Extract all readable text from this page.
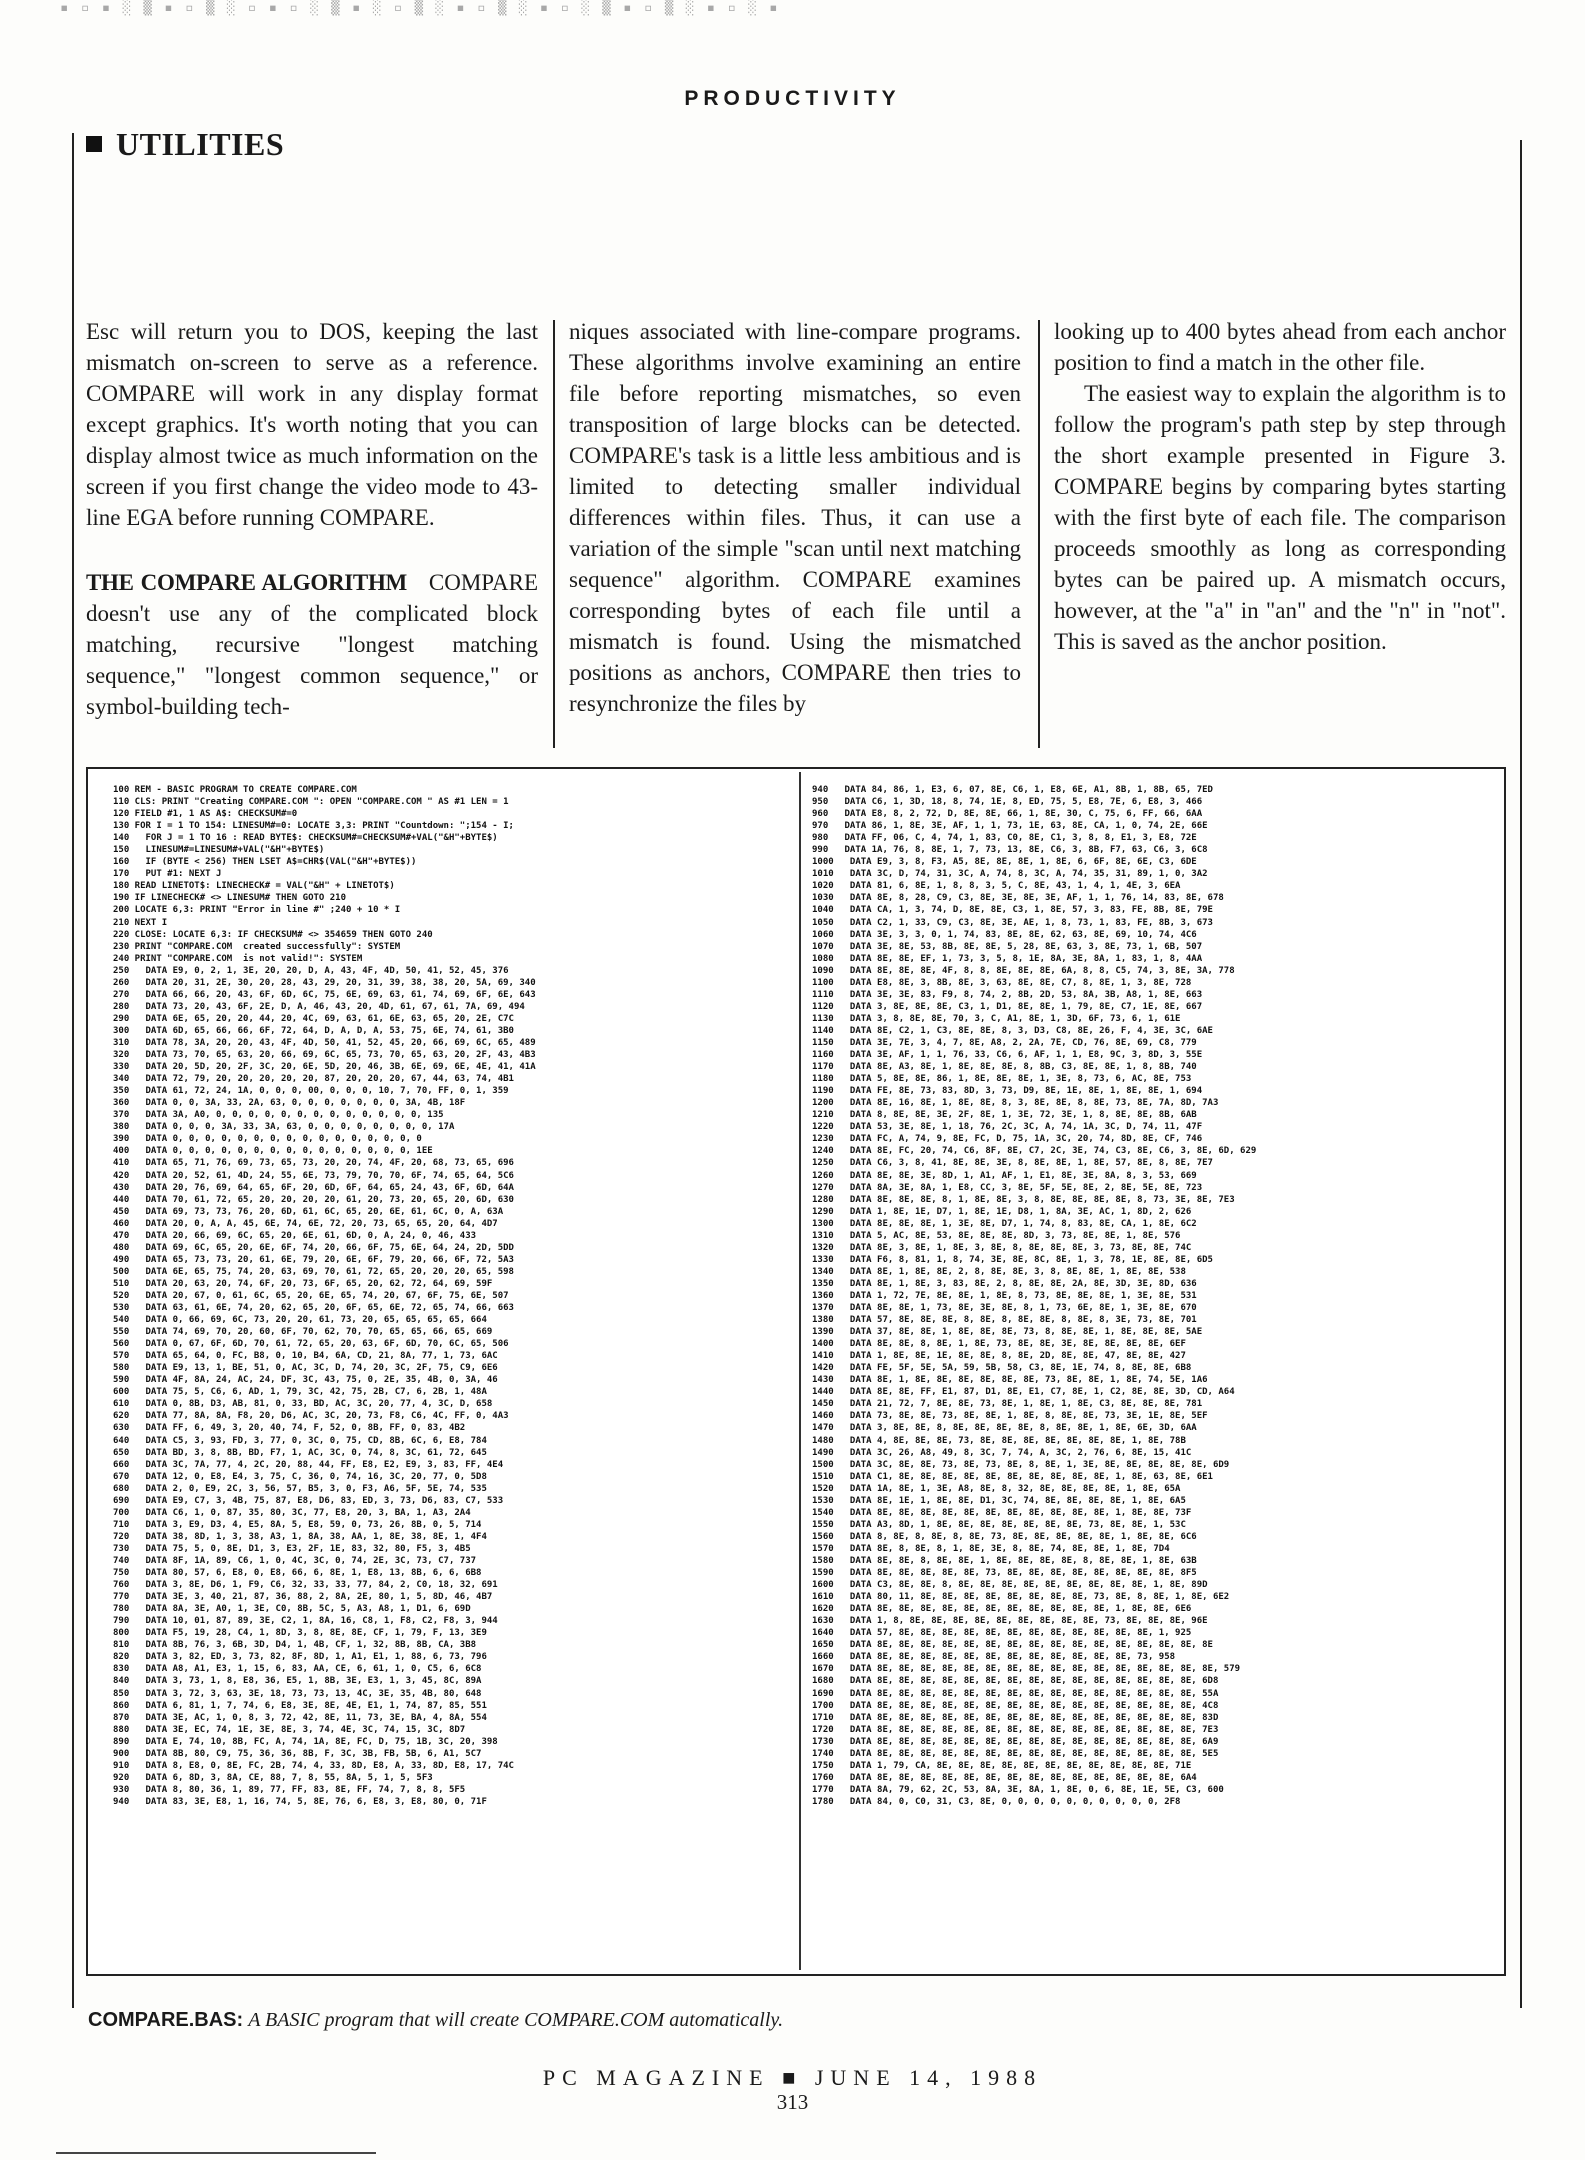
▪ ▫ ▪ ░ ▒ ▪ ▫ ▒ ░ ▫ ▪ ▫ ░ ▒ ▪ ░ ▫ ▒ ░ ▪ ▫ ▒ ░ ▪ ▫ ░ ▒ ▪ ▫ ▒ ░ ▪ ▫ ░ ▪
PRODUCTIVITY
UTILITIES

Esc will return you to DOS, keeping the last mismatch on-screen to serve as a reference. COMPARE will work in any display format except graphics. It's worth noting that you can display almost twice as much information on the screen if you first change the video mode to 43-line EGA before running COMPARE.

THE COMPARE ALGORITHM COMPARE doesn't use any of the complicated block matching, recursive "longest matching sequence," "longest common sequence," or symbol-building tech-

niques associated with line-compare programs. These algorithms involve examining an entire file before reporting mismatches, so even transposition of large blocks can be detected. COMPARE's task is a little less ambitious and is limited to detecting smaller individual differences within files. Thus, it can use a variation of the simple "scan until next matching sequence" algorithm. COMPARE examines corresponding bytes of each file until a mismatch is found. Using the mismatched positions as anchors, COMPARE then tries to resynchronize the files by

looking up to 400 bytes ahead from each anchor position to find a match in the other file.

The easiest way to explain the algorithm is to follow the program's path step by step through the short example presented in Figure 3. COMPARE begins by comparing bytes starting with the first byte of each file. The comparison proceeds smoothly as long as corresponding bytes can be paired up. A mismatch occurs, however, at the "a" in "an" and the "n" in "not". This is saved as the anchor position.

100 REM - BASIC PROGRAM TO CREATE COMPARE.COM
110 CLS: PRINT "Creating COMPARE.COM ": OPEN "COMPARE.COM " AS #1 LEN = 1
120 FIELD #1, 1 AS A$: CHECKSUM#=0
130 FOR I = 1 TO 154: LINESUM#=0: LOCATE 3,3: PRINT "Countdown: ";154 - I;
140   FOR J = 1 TO 16 : READ BYTE$: CHECKSUM#=CHECKSUM#+VAL("&H"+BYTE$)
150   LINESUM#=LINESUM#+VAL("&H"+BYTE$)
160   IF (BYTE < 256) THEN LSET A$=CHR$(VAL("&H"+BYTE$))
170   PUT #1: NEXT J
180 READ LINETOT$: LINECHECK# = VAL("&H" + LINETOT$)
190 IF LINECHECK# <> LINESUM# THEN GOTO 210
200 LOCATE 6,3: PRINT "Error in line #" ;240 + 10 * I
210 NEXT I
220 CLOSE: LOCATE 6,3: IF CHECKSUM# <> 354659 THEN GOTO 240
230 PRINT "COMPARE.COM  created successfully": SYSTEM
240 PRINT "COMPARE.COM  is not valid!": SYSTEM
250   DATA E9, 0, 2, 1, 3E, 20, 20, D, A, 43, 4F, 4D, 50, 41, 52, 45, 376
260   DATA 20, 31, 2E, 30, 20, 28, 43, 29, 20, 31, 39, 38, 38, 20, 5A, 69, 340
270   DATA 66, 66, 20, 43, 6F, 6D, 6C, 75, 6E, 69, 63, 61, 74, 69, 6F, 6E, 643
280   DATA 73, 20, 43, 6F, 2E, D, A, 46, 43, 20, 4D, 61, 67, 61, 7A, 69, 494
290   DATA 6E, 65, 20, 20, 44, 20, 4C, 69, 63, 61, 6E, 63, 65, 20, 2E, C7C
300   DATA 6D, 65, 66, 66, 6F, 72, 64, D, A, D, A, 53, 75, 6E, 74, 61, 3B0
310   DATA 78, 3A, 20, 20, 43, 4F, 4D, 50, 41, 52, 45, 20, 66, 69, 6C, 65, 489
320   DATA 73, 70, 65, 63, 20, 66, 69, 6C, 65, 73, 70, 65, 63, 20, 2F, 43, 4B3
330   DATA 20, 5D, 20, 2F, 3C, 20, 6E, 5D, 20, 46, 3B, 6E, 69, 6E, 4E, 41, 41A
340   DATA 72, 79, 20, 20, 20, 20, 20, 87, 20, 20, 20, 67, 44, 63, 74, 4B1
350   DATA 61, 72, 24, 1A, 0, 0, 0, 00, 0, 0, 0, 10, 7, 70, FF, 0, 1, 359
360   DATA 0, 0, 3A, 33, 2A, 63, 0, 0, 0, 0, 0, 0, 0, 3A, 4B, 18F
370   DATA 3A, A0, 0, 0, 0, 0, 0, 0, 0, 0, 0, 0, 0, 0, 0, 135
380   DATA 0, 0, 0, 3A, 33, 3A, 63, 0, 0, 0, 0, 0, 0, 0, 0, 17A
390   DATA 0, 0, 0, 0, 0, 0, 0, 0, 0, 0, 0, 0, 0, 0, 0, 0
400   DATA 0, 0, 0, 0, 0, 0, 0, 0, 0, 0, 0, 0, 0, 0, 0, 1EE
410   DATA 65, 71, 76, 69, 73, 65, 73, 20, 20, 74, 4F, 20, 68, 73, 65, 696
420   DATA 20, 52, 61, 4D, 24, 55, 6E, 73, 79, 70, 70, 6F, 74, 65, 64, 5C6
430   DATA 20, 76, 69, 64, 65, 6F, 20, 6D, 6F, 64, 65, 24, 43, 6F, 6D, 64A
440   DATA 70, 61, 72, 65, 20, 20, 20, 20, 61, 20, 73, 20, 65, 20, 6D, 630
450   DATA 69, 73, 73, 76, 20, 6D, 61, 6C, 65, 20, 6E, 61, 6C, 0, A, 63A
460   DATA 20, 0, A, A, 45, 6E, 74, 6E, 72, 20, 73, 65, 65, 20, 64, 4D7
470   DATA 20, 66, 69, 6C, 65, 20, 6E, 61, 6D, 0, A, 24, 0, 46, 433
480   DATA 69, 6C, 65, 20, 6E, 6F, 74, 20, 66, 6F, 75, 6E, 64, 24, 2D, 5DD
490   DATA 65, 73, 73, 20, 61, 6E, 79, 20, 6E, 6F, 79, 20, 66, 6F, 72, 5A3
500   DATA 6E, 65, 75, 74, 20, 63, 69, 70, 61, 72, 65, 20, 20, 20, 65, 598
510   DATA 20, 63, 20, 74, 6F, 20, 73, 6F, 65, 20, 62, 72, 64, 69, 59F
520   DATA 20, 67, 0, 61, 6C, 65, 20, 6E, 65, 74, 20, 67, 6F, 75, 6E, 507
530   DATA 63, 61, 6E, 74, 20, 62, 65, 20, 6F, 65, 6E, 72, 65, 74, 66, 663
540   DATA 0, 66, 69, 6C, 73, 20, 20, 61, 73, 20, 65, 65, 65, 65, 664
550   DATA 74, 69, 70, 20, 60, 6F, 70, 62, 70, 70, 65, 65, 66, 65, 669
560   DATA 0, 67, 6F, 6D, 70, 61, 72, 65, 20, 63, 6F, 6D, 70, 6C, 65, 506
570   DATA 65, 64, 0, FC, B8, 0, 10, B4, 6A, CD, 21, 8A, 77, 1, 73, 6AC
580   DATA E9, 13, 1, BE, 51, 0, AC, 3C, D, 74, 20, 3C, 2F, 75, C9, 6E6
590   DATA 4F, 8A, 24, AC, 24, DF, 3C, 43, 75, 0, 2E, 35, 4B, 0, 3A, 46
600   DATA 75, 5, C6, 6, AD, 1, 79, 3C, 42, 75, 2B, C7, 6, 2B, 1, 48A
610   DATA 0, 8B, D3, AB, 81, 0, 33, BD, AC, 3C, 20, 77, 4, 3C, D, 658
620   DATA 77, 8A, 8A, F8, 20, D6, AC, 3C, 20, 73, F8, C6, 4C, FF, 0, 4A3
630   DATA FF, 6, 49, 3, 20, 40, 74, F, 52, 0, 8B, FF, 0, 83, 4B2
640   DATA C5, 3, 93, FD, 3, 77, 0, 3C, 0, 75, CD, 8B, 6C, 6, E8, 784
650   DATA BD, 3, 8, 8B, BD, F7, 1, AC, 3C, 0, 74, 8, 3C, 61, 72, 645
660   DATA 3C, 7A, 77, 4, 2C, 20, 88, 44, FF, E8, E2, E9, 3, 83, FF, 4E4
670   DATA 12, 0, E8, E4, 3, 75, C, 36, 0, 74, 16, 3C, 20, 77, 0, 5D8
680   DATA 2, 0, E9, 2C, 3, 56, 57, B5, 3, 0, F3, A6, 5F, 5E, 74, 535
690   DATA E9, C7, 3, 4B, 75, 87, E8, D6, 83, ED, 3, 73, D6, 83, C7, 533
700   DATA C6, 1, 0, 87, 35, 80, 3C, 77, E8, 20, 3, BA, 1, A3, 2A4
710   DATA 3, E9, D3, 4, E5, 8A, 5, E8, 59, 0, 73, 26, 8B, 0, 5, 714
720   DATA 38, 8D, 1, 3, 38, A3, 1, 8A, 38, AA, 1, 8E, 38, 8E, 1, 4F4
730   DATA 75, 5, 0, 8E, D1, 3, E3, 2F, 1E, 83, 32, 80, F5, 3, 4B5
740   DATA 8F, 1A, 89, C6, 1, 0, 4C, 3C, 0, 74, 2E, 3C, 73, C7, 737
750   DATA 80, 57, 6, E8, 0, E8, 66, 6, 8E, 1, E8, 13, 8B, 6, 6, 6B8
760   DATA 3, 8E, D6, 1, F9, C6, 32, 33, 33, 77, 84, 2, C0, 18, 32, 691
770   DATA 3E, 3, 40, 21, 87, 36, 88, 2, 8A, 2E, 80, 1, 5, 8D, 46, 4B7
780   DATA 8A, 3E, A0, 1, 3E, C0, 8B, 5C, 5, A3, A8, 1, D1, 6, 69D
790   DATA 10, 01, 87, 89, 3E, C2, 1, 8A, 16, C8, 1, F8, C2, F8, 3, 944
800   DATA F5, 19, 28, C4, 1, 8D, 3, 8, 8E, 8E, CF, 1, 79, F, 13, 3E9
810   DATA 8B, 76, 3, 6B, 3D, D4, 1, 4B, CF, 1, 32, 8B, 8B, CA, 3B8
820   DATA 3, 82, ED, 3, 73, 82, 8F, 8D, 1, A1, E1, 1, 88, 6, 73, 796
830   DATA A8, A1, E3, 1, 15, 6, 83, AA, CE, 6, 61, 1, 0, C5, 6, 6C8
840   DATA 3, 73, 1, 8, E8, 36, E5, 1, 8B, 3E, E3, 1, 3, 45, 8C, 89A
850   DATA 3, 72, 3, 63, 3E, 18, 73, 73, 13, 4C, 3E, 35, 4B, 80, 648
860   DATA 6, 81, 1, 7, 74, 6, E8, 3E, 8E, 4E, E1, 1, 74, 87, 85, 551
870   DATA 3E, AC, 1, 0, 8, 3, 72, 42, 8E, 11, 73, 3E, BA, 4, 8A, 554
880   DATA 3E, EC, 74, 1E, 3E, 8E, 3, 74, 4E, 3C, 74, 15, 3C, 8D7
890   DATA E, 74, 10, 8B, FC, A, 74, 1A, 8E, FC, D, 75, 1B, 3C, 20, 398
900   DATA 8B, 80, C9, 75, 36, 36, 8B, F, 3C, 3B, FB, 5B, 6, A1, 5C7
910   DATA 8, E8, 0, 8E, FC, 2B, 74, 4, 33, 8D, E8, A, 33, 8D, E8, 17, 74C
920   DATA 6, 8D, 3, 8A, CE, 88, 7, 8, 55, 8A, 5, 1, 5, 5F3
930   DATA 8, 80, 36, 1, 89, 77, FF, 83, 8E, FF, 74, 7, 8, 8, 5F5
940   DATA 83, 3E, E8, 1, 16, 74, 5, 8E, 76, 6, E8, 3, E8, 80, 0, 71F
940   DATA 84, 86, 1, E3, 6, 07, 8E, C6, 1, E8, 6E, A1, 8B, 1, 8B, 65, 7ED
950   DATA C6, 1, 3D, 18, 8, 74, 1E, 8, ED, 75, 5, E8, 7E, 6, E8, 3, 466
960   DATA E8, 8, 2, 72, D, 8E, 8E, 66, 1, 8E, 30, C, 75, 6, FF, 66, 6AA
970   DATA 86, 1, 8E, 3E, AF, 1, 1, 73, 1E, 63, 8E, CA, 1, 0, 74, 2E, 66E
980   DATA FF, 06, C, 4, 74, 1, 83, C0, 8E, C1, 3, 8, 8, E1, 3, E8, 72E
990   DATA 1A, 76, 8, 8E, 1, 7, 73, 13, 8E, C6, 3, 8B, F7, 63, C6, 3, 6C8
1000   DATA E9, 3, 8, F3, A5, 8E, 8E, 8E, 1, 8E, 6, 6F, 8E, 6E, C3, 6DE
1010   DATA 3C, D, 74, 31, 3C, A, 74, 8, 3C, A, 74, 35, 31, 89, 1, 0, 3A2
1020   DATA 81, 6, 8E, 1, 8, 8, 3, 5, C, 8E, 43, 1, 4, 1, 4E, 3, 6EA
1030   DATA 8E, 8, 28, C9, C3, 8E, 3E, 8E, 3E, AF, 1, 1, 76, 14, 83, 8E, 678
1040   DATA CA, 1, 3, 74, D, 8E, 8E, C3, 1, 8E, 57, 3, 83, FE, 8B, 8E, 79E
1050   DATA C2, 1, 33, C9, C3, 8E, 3E, AE, 1, 8, 73, 1, 83, FE, 8B, 3, 673
1060   DATA 3E, 3, 3, 0, 1, 74, 83, 8E, 8E, 62, 63, 8E, 69, 10, 74, 4C6
1070   DATA 3E, 8E, 53, 8B, 8E, 8E, 5, 28, 8E, 63, 3, 8E, 73, 1, 6B, 507
1080   DATA 8E, 8E, EF, 1, 73, 3, 5, 8, 1E, 8A, 3E, 8A, 1, 83, 1, 8, 4AA
1090   DATA 8E, 8E, 8E, 4F, 8, 8, 8E, 8E, 8E, 6A, 8, 8, C5, 74, 3, 8E, 3A, 778
1100   DATA E8, 8E, 3, 8B, 8E, 3, 63, 8E, 8E, C7, 8, 8E, 1, 3, 8E, 728
1110   DATA 3E, 3E, 83, F9, 8, 74, 2, 8B, 2D, 53, 8A, 3B, A8, 1, 8E, 663
1120   DATA 3, 8E, 8E, 8E, C3, 1, D1, 8E, 8E, 1, 79, 8E, C7, 1E, 8E, 667
1130   DATA 3, 8, 8E, 8E, 70, 3, C, A1, 8E, 1, 3D, 6F, 73, 6, 1, 61E
1140   DATA 8E, C2, 1, C3, 8E, 8E, 8, 3, D3, C8, 8E, 26, F, 4, 3E, 3C, 6AE
1150   DATA 3E, 7E, 3, 4, 7, 8E, A8, 2, 2A, 7E, CD, 76, 8E, 69, C8, 779
1160   DATA 3E, AF, 1, 1, 76, 33, C6, 6, AF, 1, 1, E8, 9C, 3, 8D, 3, 55E
1170   DATA 8E, A3, 8E, 1, 8E, 8E, 8E, 8, 8B, C3, 8E, 8E, 1, 8, 8B, 740
1180   DATA 5, 8E, 8E, 86, 1, 8E, 8E, 8E, 1, 3E, 8, 73, 6, AC, 8E, 753
1190   DATA FE, 8E, 73, 83, 8D, 3, 73, D9, 8E, 1E, 8E, 1, 8E, 8E, 1, 694
1200   DATA 8E, 16, 8E, 1, 8E, 8E, 8, 3, 8E, 8E, 8, 8E, 73, 8E, 7A, 8D, 7A3
1210   DATA 8, 8E, 8E, 3E, 2F, 8E, 1, 3E, 72, 3E, 1, 8, 8E, 8E, 8B, 6AB
1220   DATA 53, 3E, 8E, 1, 18, 76, 2C, 3C, A, 74, 1A, 3C, D, 74, 11, 47F
1230   DATA FC, A, 74, 9, 8E, FC, D, 75, 1A, 3C, 20, 74, 8D, 8E, CF, 746
1240   DATA 8E, FC, 20, 74, C6, 8F, 8E, C7, 2C, 3E, 74, C3, 8E, C6, 3, 8E, 6D, 629
1250   DATA C6, 3, 8, 41, 8E, 8E, 3E, 8, 8E, 8E, 1, 8E, 57, 8E, 8, 8E, 7E7
1260   DATA 8E, 8E, 3E, 8D, 1, A1, AF, 1, E1, 8E, 3E, 8A, 8, 3, 53, 669
1270   DATA 8A, 3E, 8A, 1, E8, CC, 3, 8E, 5F, 5E, 8E, 2, 8E, 5E, 8E, 723
1280   DATA 8E, 8E, 8E, 8, 1, 8E, 8E, 3, 8, 8E, 8E, 8E, 8E, 8, 73, 3E, 8E, 7E3
1290   DATA 1, 8E, 1E, D7, 1, 8E, 1E, D8, 1, 8A, 3E, AC, 1, 8D, 2, 626
1300   DATA 8E, 8E, 8E, 1, 3E, 8E, D7, 1, 74, 8, 83, 8E, CA, 1, 8E, 6C2
1310   DATA 5, AC, 8E, 53, 8E, 8E, 8E, 8D, 3, 73, 8E, 8E, 1, 8E, 576
1320   DATA 8E, 3, 8E, 1, 8E, 3, 8E, 8, 8E, 8E, 8E, 3, 73, 8E, 8E, 74C
1330   DATA F6, 8, 81, 1, 8, 74, 3E, 8E, 8C, 8E, 1, 3, 78, 1E, 8E, 8E, 6D5
1340   DATA 8E, 1, 8E, 8E, 2, 8, 8E, 8E, 3, 8, 8E, 8E, 1, 8E, 8E, 538
1350   DATA 8E, 1, 8E, 3, 83, 8E, 2, 8, 8E, 8E, 2A, 8E, 3D, 3E, 8D, 636
1360   DATA 1, 72, 7E, 8E, 8E, 1, 8E, 8, 73, 8E, 8E, 8E, 1, 3E, 8E, 531
1370   DATA 8E, 8E, 1, 73, 8E, 3E, 8E, 8, 1, 73, 6E, 8E, 1, 3E, 8E, 670
1380   DATA 57, 8E, 8E, 8E, 8, 8E, 8, 8E, 8E, 8, 8E, 8, 3E, 73, 8E, 701
1390   DATA 37, 8E, 8E, 1, 8E, 8E, 8E, 73, 8, 8E, 8E, 1, 8E, 8E, 8E, 5AE
1400   DATA 8E, 8E, 8, 8E, 1, 8E, 73, 8E, 8E, 3E, 8E, 8E, 8E, 8E, 6EF
1410   DATA 1, 8E, 8E, 1E, 8E, 8E, 8, 8E, 2D, 8E, 8E, 47, 8E, 8E, 427
1420   DATA FE, 5F, 5E, 5A, 59, 5B, 58, C3, 8E, 1E, 74, 8, 8E, 8E, 6B8
1430   DATA 8E, 1, 8E, 8E, 8E, 8E, 8E, 8E, 73, 8E, 8E, 1, 8E, 74, 5E, 1A6
1440   DATA 8E, 8E, FF, E1, 87, D1, 8E, E1, C7, 8E, 1, C2, 8E, 8E, 3D, CD, A64
1450   DATA 21, 72, 7, 8E, 8E, 73, 8E, 1, 8E, 1, 8E, C3, 8E, 8E, 8E, 781
1460   DATA 73, 8E, 8E, 73, 8E, 8E, 1, 8E, 8, 8E, 8E, 73, 3E, 1E, 8E, 5EF
1470   DATA 3, 8E, 8E, 8, 8E, 8E, 8E, 8E, 8, 8E, 8E, 1, 8E, 6E, 3D, 6AA
1480   DATA 4, 8E, 8E, 8E, 73, 8E, 8E, 8E, 8E, 8E, 8E, 8E, 1, 8E, 78B
1490   DATA 3C, 26, A8, 49, 8, 3C, 7, 74, A, 3C, 2, 76, 6, 8E, 15, 41C
1500   DATA 3C, 8E, 8E, 73, 8E, 73, 8E, 8, 8E, 1, 3E, 8E, 8E, 8E, 8E, 8E, 6D9
1510   DATA C1, 8E, 8E, 8E, 8E, 8E, 8E, 8E, 8E, 8E, 8E, 1, 8E, 63, 8E, 6E1
1520   DATA 1A, 8E, 1, 3E, A8, 8E, 8, 32, 8E, 8E, 8E, 8E, 1, 8E, 65A
1530   DATA 8E, 1E, 1, 8E, 8E, D1, 3C, 74, 8E, 8E, 8E, 8E, 1, 8E, 6A5
1540   DATA 8E, 8E, 8E, 8E, 8E, 8E, 8E, 8E, 8E, 8E, 8E, 1, 8E, 8E, 73F
1550   DATA A3, 8D, 1, 8E, 8E, 8E, 8E, 8E, 8E, 8E, 73, 8E, 8E, 1, 53C
1560   DATA 8, 8E, 8, 8E, 8, 8E, 73, 8E, 8E, 8E, 8E, 8E, 1, 8E, 8E, 6C6
1570   DATA 8E, 8, 8E, 8, 1, 8E, 3E, 8, 8E, 74, 8E, 8E, 1, 8E, 7D4
1580   DATA 8E, 8E, 8, 8E, 8E, 1, 8E, 8E, 8E, 8E, 8, 8E, 8E, 1, 8E, 63B
1590   DATA 8E, 8E, 8E, 8E, 8E, 73, 8E, 8E, 8E, 8E, 8E, 8E, 8E, 8E, 8F5
1600   DATA C3, 8E, 8E, 8, 8E, 8E, 8E, 8E, 8E, 8E, 8E, 8E, 8E, 1, 8E, 89D
1610   DATA 80, 11, 8E, 8E, 8E, 8E, 8E, 8E, 8E, 8E, 73, 8E, 8, 8E, 1, 8E, 6E2
1620   DATA 8E, 8E, 8E, 8E, 8E, 8E, 8E, 8E, 8E, 8E, 8E, 1, 8E, 8E, 6E6
1630   DATA 1, 8, 8E, 8E, 8E, 8E, 8E, 8E, 8E, 8E, 8E, 73, 8E, 8E, 8E, 96E
1640   DATA 57, 8E, 8E, 8E, 8E, 8E, 8E, 8E, 8E, 8E, 8E, 8E, 8E, 1, 925
1650   DATA 8E, 8E, 8E, 8E, 8E, 8E, 8E, 8E, 8E, 8E, 8E, 8E, 8E, 8E, 8E, 8E
1660   DATA 8E, 8E, 8E, 8E, 8E, 8E, 8E, 8E, 8E, 8E, 8E, 8E, 73, 958
1670   DATA 8E, 8E, 8E, 8E, 8E, 8E, 8E, 8E, 8E, 8E, 8E, 8E, 8E, 8E, 8E, 8E, 579
1680   DATA 8E, 8E, 8E, 8E, 8E, 8E, 8E, 8E, 8E, 8E, 8E, 8E, 8E, 8E, 8E, 6D8
1690   DATA 8E, 8E, 8E, 8E, 8E, 8E, 8E, 8E, 8E, 8E, 8E, 8E, 8E, 8E, 8E, 55A
1700   DATA 8E, 8E, 8E, 8E, 8E, 8E, 8E, 8E, 8E, 8E, 8E, 8E, 8E, 8E, 8E, 4C8
1710   DATA 8E, 8E, 8E, 8E, 8E, 8E, 8E, 8E, 8E, 8E, 8E, 8E, 8E, 8E, 8E, 83D
1720   DATA 8E, 8E, 8E, 8E, 8E, 8E, 8E, 8E, 8E, 8E, 8E, 8E, 8E, 8E, 8E, 7E3
1730   DATA 8E, 8E, 8E, 8E, 8E, 8E, 8E, 8E, 8E, 8E, 8E, 8E, 8E, 8E, 8E, 6A9
1740   DATA 8E, 8E, 8E, 8E, 8E, 8E, 8E, 8E, 8E, 8E, 8E, 8E, 8E, 8E, 8E, 5E5
1750   DATA 1, 79, CA, 8E, 8E, 8E, 8E, 8E, 8E, 8E, 8E, 8E, 8E, 8E, 71E
1760   DATA 8E, 8E, 8E, 8E, 8E, 8E, 8E, 8E, 8E, 8E, 8E, 8E, 8E, 8E, 6A4
1770   DATA 8A, 79, 62, 2C, 53, 8A, 3E, 8A, 1, 8E, 0, 6, 8E, 1E, 5E, C3, 600
1780   DATA 84, 0, C0, 31, C3, 8E, 0, 0, 0, 0, 0, 0, 0, 0, 0, 0, 2F8
COMPARE.BAS: A BASIC program that will create COMPARE.COM automatically.
PC MAGAZINE ■ JUNE 14, 1988
313
